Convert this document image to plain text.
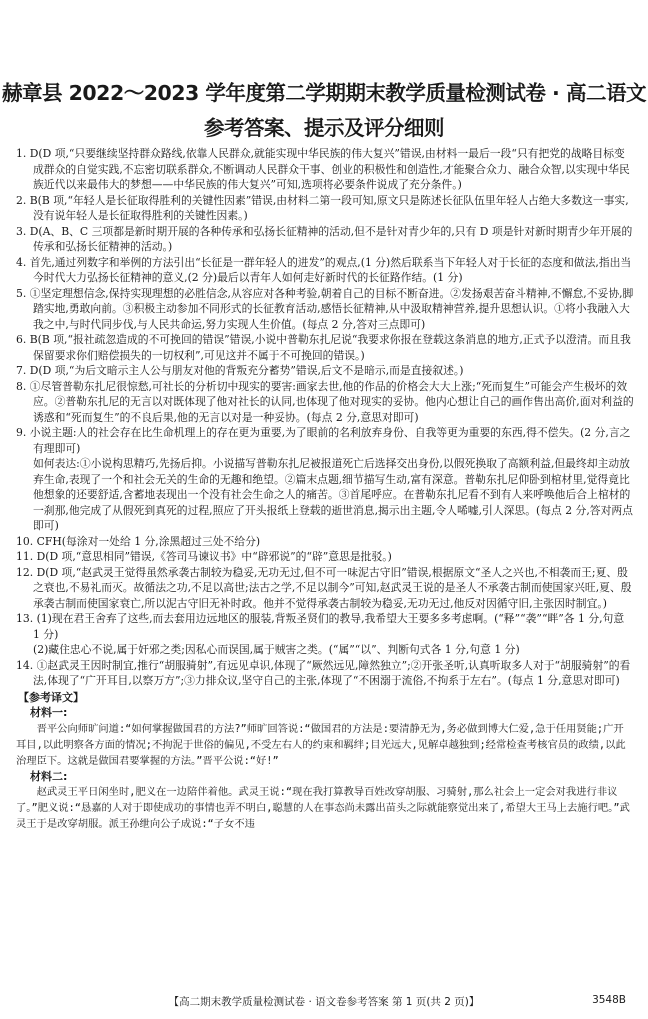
赫章县 2022～2023 学年度第二学期期末教学质量检测试卷 · 高二语文
参考答案、提示及评分细则

1. D(D 项,“只要继续坚持群众路线,依靠人民群众,就能实现中华民族的伟大复兴”错误,由材料一最后一段“只有把党的战略目标变成群众的自觉实践,不忘密切联系群众,不断调动人民群众干事、创业的积极性和创造性,才能聚合众力、融合众智,以实现中华民族近代以来最伟大的梦想——中华民族的伟大复兴”可知,选项将必要条件说成了充分条件。)

2. B(B 项,“年轻人是长征取得胜利的关键性因素”错误,由材料二第一段可知,原文只是陈述长征队伍里年轻人占绝大多数这一事实,没有说年轻人是长征取得胜利的关键性因素。)

3. D(A、B、C 三项都是新时期开展的各种传承和弘扬长征精神的活动,但不是针对青少年的,只有 D 项是针对新时期青少年开展的传承和弘扬长征精神的活动。)

4. 首先,通过列数字和举例的方法引出“长征是一群年轻人的进发”的观点,(1 分)然后联系当下年轻人对于长征的态度和做法,指出当今时代大力弘扬长征精神的意义,(2 分)最后以青年人如何走好新时代的长征路作结。(1 分)

5. ①坚定理想信念,保持实现理想的必胜信念,从容应对各种考验,朝着自己的目标不断奋进。②发扬艰苦奋斗精神,不懈怠,不妥协,脚踏实地,勇敢向前。③积极主动参加不同形式的长征教育活动,感悟长征精神,从中汲取精神营养,提升思想认识。①将小我融入大我之中,与时代同步伐,与人民共命运,努力实现人生价值。(每点 2 分,答对三点即可)

6. B(B 项,“报社疏忽造成的不可挽回的错误”错误,小说中普勒东扎尼说“我要求你报在登载这条消息的地方,正式予以澄清。而且我保留要求你们赔偿损失的一切权利”,可见这并不属于不可挽回的错误。)

7. D(D 项,“为后文暗示主人公与朋友对他的背叛充分蓄势”错误,后文不是暗示,而是直接叙述。)

8. ①尽管普勒东扎尼很惊愁,可社长的分析切中现实的要害:画家去世,他的作品的价格会大大上涨;“死而复生”可能会产生极坏的效应。②普勒东扎尼的无言以对既体现了他对社长的认同,也体现了他对现实的妥协。他内心想让自己的画作售出高价,面对利益的诱惑和“死而复生”的不良后果,他的无言以对是一种妥协。(每点 2 分,意思对即可)

9. 小说主题:人的社会存在比生命机理上的存在更为重要,为了眼前的名利放弃身份、自我等更为重要的东西,得不偿失。(2 分,言之有理即可)

如何表达:①小说构思精巧,先扬后抑。小说描写普勒东扎尼被报道死亡后选择交出身份,以假死换取了高额利益,但最终却主动放弃生命,表现了一个和社会无关的生命的无趣和绝望。②篇末点题,细节描写生动,富有深意。普勒东扎尼仰卧到棺材里,觉得竟比他想象的还要舒适,含蓄地表现出一个没有社会生命之人的痛苦。③首尾呼应。在普勒东扎尼看不到有人来呼唤他后合上棺材的一刹那,他完成了从假死到真死的过程,照应了开头报纸上登载的逝世消息,揭示出主题,令人唏嘘,引人深思。(每点 2 分,答对两点即可)

10. CFH(每涂对一处给 1 分,涂黑超过三处不给分)

11. D(D 项,“意思相同”错误,《答司马谏议书》中“辟邪说”的“辟”意思是批驳。)

12. D(D 项,“赵武灵王觉得虽然承袭古制较为稳妥,无功无过,但不可一味泥古守旧”错误,根据原文“圣人之兴也,不相袭而王;夏、殷之衰也,不易礼而灭。故循法之功,不足以高世;法古之学,不足以制今”可知,赵武灵王说的是圣人不承袭古制而使国家兴旺,夏、殷承袭古制而使国家衰亡,所以泥古守旧无补时政。他并不觉得承袭古制较为稳妥,无功无过,他反对因循守旧,主张因时制宜。)

13. (1)现在君王舍弃了这些,而去套用边远地区的服装,背叛圣贤们的教导,我希望大王要多多考虑啊。(“释”“袭”“畔”各 1 分,句意 1 分)

(2)藏住忠心不说,属于奸邪之类;因私心而误国,属于贼害之类。(“属”“以”、判断句式各 1 分,句意 1 分)

14. ①赵武灵王因时制宜,推行“胡服骑射”,有远见卓识,体现了“厥然远见,障然独立”;②开张圣听,认真听取多人对于“胡服骑射”的看法,体现了“广开耳目,以察万方”;③力排众议,坚守自己的主张,体现了“不困溺于流俗,不拘系于左右”。(每点 1 分,意思对即可)

【参考译文】

材料一:

晋平公向师旷问道:“如何掌握做国君的方法?”师旷回答说:“做国君的方法是:要清静无为,务必做到博大仁爱,急于任用贤能;广开耳目,以此明察各方面的情况;不拘泥于世俗的偏见,不受左右人的约束和羁绊;目光远大,见解卓越独到;经常检查考核官员的政绩,以此治理臣下。这就是做国君要掌握的方法。”晋平公说:“好!”

材料二:

赵武灵王平日闲坐时,肥义在一边陪伴着他。武灵王说:“现在我打算教导百姓改穿胡服、习骑射,那么社会上一定会对我进行非议了。”肥义说:“恳嘉的人对于即使成功的事情也弄不明白,聪慧的人在事态尚未露出苗头之际就能察觉出来了,希望大王马上去施行吧。”武灵王于是改穿胡服。派王孙绁向公子成说:“子女不违

【高二期末教学质量检测试卷 · 语文卷参考答案 第 1 页(共 2 页)】	3548B
